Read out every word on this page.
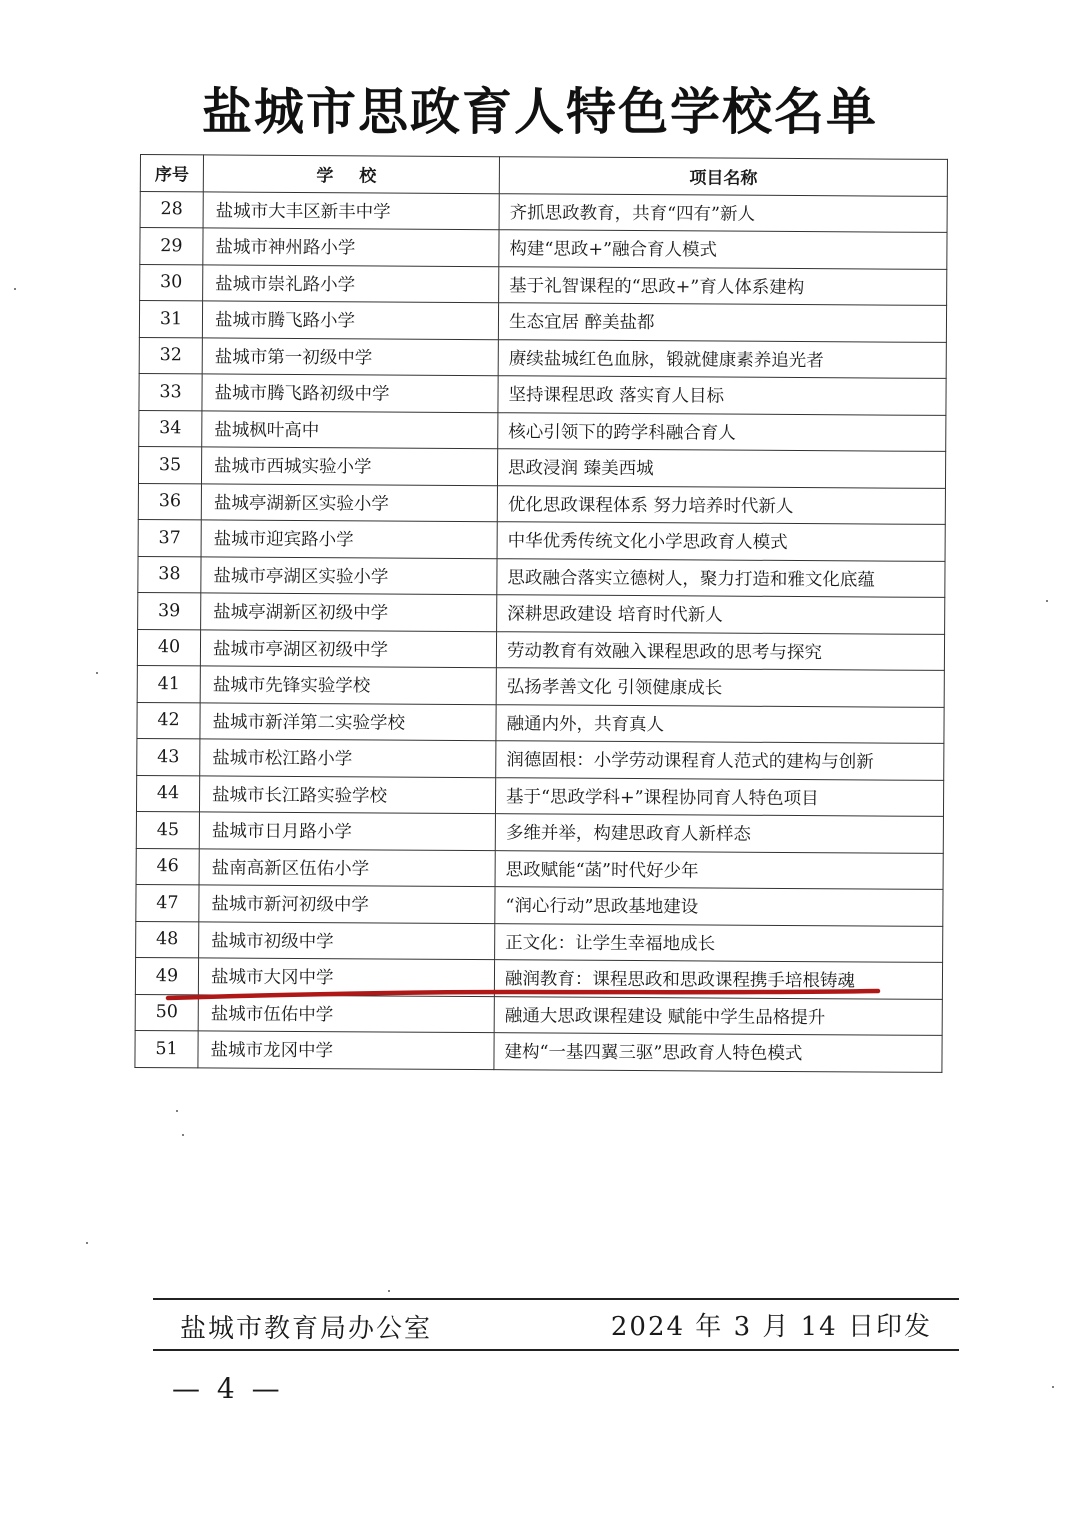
盐城市思政育人特色学校名单
序号	学 校	项目名称
28	盐城市大丰区新丰中学	齐抓思政教育，共育“四有”新人
29	盐城市神州路小学	构建“思政+”融合育人模式
30	盐城市崇礼路小学	基于礼智课程的“思政+”育人体系建构
31	盐城市腾飞路小学	生态宜居 醉美盐都
32	盐城市第一初级中学	赓续盐城红色血脉，锻就健康素养追光者
33	盐城市腾飞路初级中学	坚持课程思政 落实育人目标
34	盐城枫叶高中	核心引领下的跨学科融合育人
35	盐城市西城实验小学	思政浸润 臻美西城
36	盐城亭湖新区实验小学	优化思政课程体系 努力培养时代新人
37	盐城市迎宾路小学	中华优秀传统文化小学思政育人模式
38	盐城市亭湖区实验小学	思政融合落实立德树人，聚力打造和雅文化底蕴
39	盐城亭湖新区初级中学	深耕思政建设 培育时代新人
40	盐城市亭湖区初级中学	劳动教育有效融入课程思政的思考与探究
41	盐城市先锋实验学校	弘扬孝善文化 引领健康成长
42	盐城市新洋第二实验学校	融通内外，共育真人
43	盐城市松江路小学	润德固根：小学劳动课程育人范式的建构与创新
44	盐城市长江路实验学校	基于“思政学科+”课程协同育人特色项目
45	盐城市日月路小学	多维并举，构建思政育人新样态
46	盐南高新区伍佑小学	思政赋能“菡”时代好少年
47	盐城市新河初级中学	“润心行动”思政基地建设
48	盐城市初级中学	正文化：让学生幸福地成长
49	盐城市大冈中学	融润教育：课程思政和思政课程携手培根铸魂
50	盐城市伍佑中学	融通大思政课程建设 赋能中学生品格提升
51	盐城市龙冈中学	建构“一基四翼三驱”思政育人特色模式
盐城市教育局办公室	2024 年 3 月 14 日印发
— 4 —
